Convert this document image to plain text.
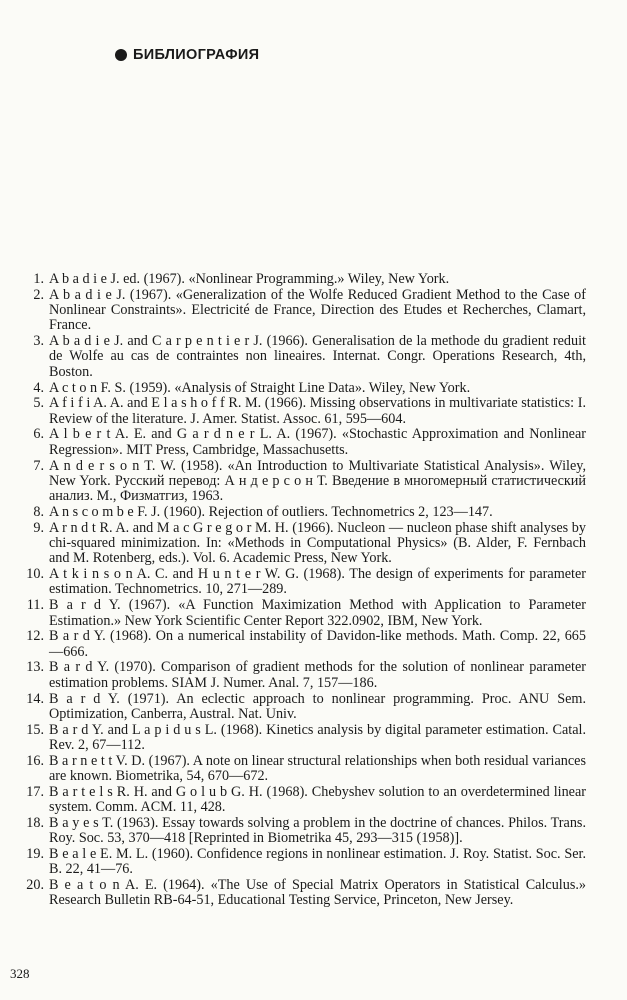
БИБЛИОГРАФИЯ
1. A b a d i e J. ed. (1967). «Nonlinear Programming.» Wiley, New York.
2. A b a d i e J. (1967). «Generalization of the Wolfe Reduced Gradient Method to the Case of Nonlinear Constraints». Electricité de France, Direction des Etudes et Recherches, Clamart, France.
3. A b a d i e J. and C a r p e n t i e r J. (1966). Generalisation de la methode du gradient reduit de Wolfe au cas de contraintes non lineaires. Internat. Congr. Operations Research, 4th, Boston.
4. A c t o n F. S. (1959). «Analysis of Straight Line Data». Wiley, New York.
5. A f i f i A. A. and E l a s h o f f R. M. (1966). Missing observations in multivariate statistics: I. Review of the literature. J. Amer. Statist. Assoc. 61, 595—604.
6. A l b e r t A. E. and G a r d n e r L. A. (1967). «Stochastic Approximation and Nonlinear Regression». MIT Press, Cambridge, Massachusetts.
7. A n d e r s o n T. W. (1958). «An Introduction to Multivariate Statistical Analysis». Wiley, New York. Русский перевод: А н д е р с о н Т. Введение в многомерный статистический анализ. М., Физматгиз, 1963.
8. A n s c o m b e F. J. (1960). Rejection of outliers. Technometrics 2, 123—147.
9. A r n d t R. A. and M a c G r e g o r M. H. (1966). Nucleon — nucleon phase shift analyses by chi-squared minimization. In: «Methods in Computational Physics» (B. Alder, F. Fernbach and M. Rotenberg, eds.). Vol. 6. Academic Press, New York.
10. A t k i n s o n A. C. and H u n t e r W. G. (1968). The design of experiments for parameter estimation. Technometrics. 10, 271—289.
11. B a r d Y. (1967). «A Function Maximization Method with Application to Parameter Estimation.» New York Scientific Center Report 322.0902, IBM, New York.
12. B a r d Y. (1968). On a numerical instability of Davidon-like methods. Math. Comp. 22, 665—666.
13. B a r d Y. (1970). Comparison of gradient methods for the solution of nonlinear parameter estimation problems. SIAM J. Numer. Anal. 7, 157—186.
14. B a r d Y. (1971). An eclectic approach to nonlinear programming. Proc. ANU Sem. Optimization, Canberra, Austral. Nat. Univ.
15. B a r d Y. and L a p i d u s L. (1968). Kinetics analysis by digital parameter estimation. Catal. Rev. 2, 67—112.
16. B a r n e t t V. D. (1967). A note on linear structural relationships when both residual variances are known. Biometrika, 54, 670—672.
17. B a r t e l s R. H. and G o l u b G. H. (1968). Chebyshev solution to an overdetermined linear system. Comm. ACM. 11, 428.
18. B a y e s T. (1963). Essay towards solving a problem in the doctrine of chances. Philos. Trans. Roy. Soc. 53, 370—418 [Reprinted in Biometrika 45, 293—315 (1958)].
19. B e a l e E. M. L. (1960). Confidence regions in nonlinear estimation. J. Roy. Statist. Soc. Ser. B. 22, 41—76.
20. B e a t o n A. E. (1964). «The Use of Special Matrix Operators in Statistical Calculus.» Research Bulletin RB-64-51, Educational Testing Service, Princeton, New Jersey.
328
